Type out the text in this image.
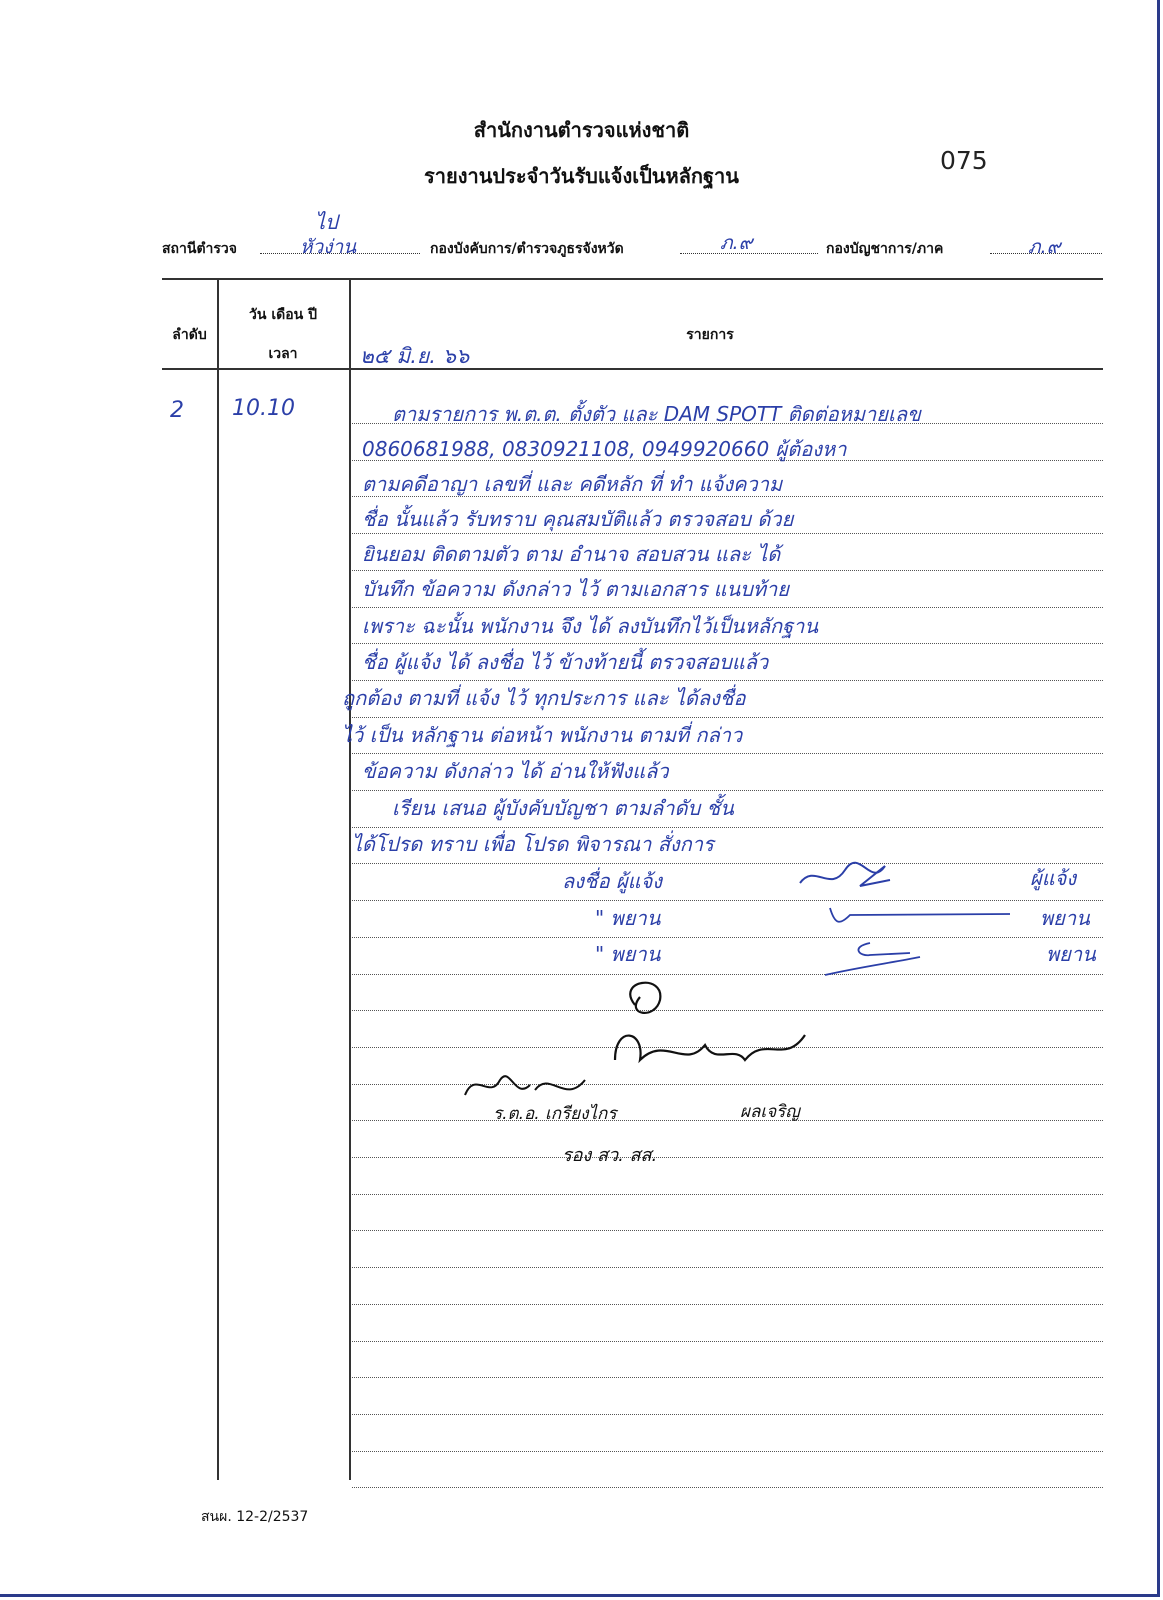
สำนักงานตำรวจแห่งชาติ
รายงานประจำวันรับแจ้งเป็นหลักฐาน
075
สถานีตำรวจ	กองบังคับการ/ตำรวจภูธรจังหวัด	กองบัญชาการ/ภาค
ไป
หัวง่าน	ภ.๙	ภ.๙
ลำดับ
วัน เดือน ปี
เวลา
รายการ
๒๕ มิ.ย. ๖๖
2 10.10	ตามรายการ พ.ต.ต. ตั้งตัว และ DAM SPOTT ติดต่อหมายเลข
0860681988, 0830921108, 0949920660 ผู้ต้องหา
ตามคดีอาญา เลขที่ และ คดีหลัก ที่ ทำ แจ้งความ
ชื่อ นั้นแล้ว รับทราบ คุณสมบัติแล้ว ตรวจสอบ ด้วย
ยินยอม ติดตามตัว ตาม อำนาจ สอบสวน และ ได้
บันทึก ข้อความ ดังกล่าว ไว้ ตามเอกสาร แนบท้าย
เพราะ ฉะนั้น พนักงาน จึง ได้ ลงบันทึกไว้เป็นหลักฐาน
ชื่อ ผู้แจ้ง ได้ ลงชื่อ ไว้ ข้างท้ายนี้ ตรวจสอบแล้ว
ถูกต้อง ตามที่ แจ้ง ไว้ ทุกประการ และ ได้ลงชื่อ
ไว้ เป็น หลักฐาน ต่อหน้า พนักงาน ตามที่ กล่าว
ข้อความ ดังกล่าว ได้ อ่านให้ฟังแล้ว
เรียน เสนอ ผู้บังคับบัญชา ตามลำดับ ชั้น
ได้โปรด ทราบ เพื่อ โปรด พิจารณา สั่งการ
ลงชื่อ ผู้แจ้ง	ผู้แจ้ง
" พยาน	พยาน
" พยาน	พยาน
ร.ต.อ. เกรียงไกร	ผลเจริญ
รอง สว. สส.
สนผ. 12-2/2537
